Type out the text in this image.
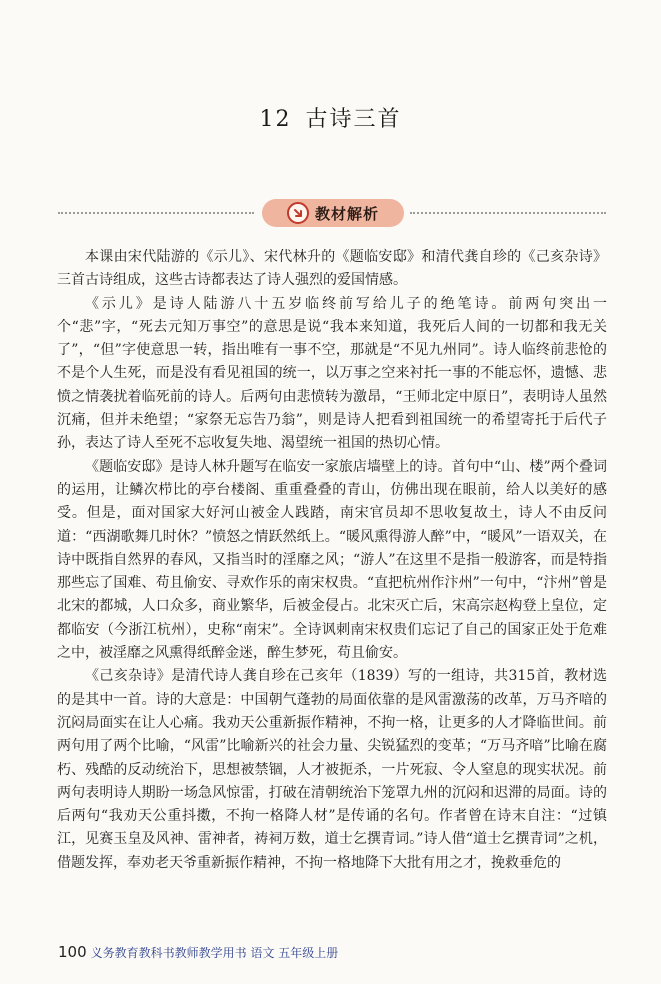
12 古诗三首
教材解析

本课由宋代陆游的《示儿》、宋代林升的《题临安邸》和清代龚自珍的《己亥杂诗》三首古诗组成，这些古诗都表达了诗人强烈的爱国情感。

《示儿》是诗人陆游八十五岁临终前写给儿子的绝笔诗。前两句突出一个“悲”字，“死去元知万事空”的意思是说“我本来知道，我死后人间的一切都和我无关了”，“但”字使意思一转，指出唯有一事不空，那就是“不见九州同”。诗人临终前悲怆的不是个人生死，而是没有看见祖国的统一，以万事之空来衬托一事的不能忘怀，遗憾、悲愤之情袭扰着临死前的诗人。后两句由悲愤转为激昂，“王师北定中原日”，表明诗人虽然沉痛，但并未绝望；“家祭无忘告乃翁”，则是诗人把看到祖国统一的希望寄托于后代子孙，表达了诗人至死不忘收复失地、渴望统一祖国的热切心情。

《题临安邸》是诗人林升题写在临安一家旅店墙壁上的诗。首句中“山、楼”两个叠词的运用，让鳞次栉比的亭台楼阁、重重叠叠的青山，仿佛出现在眼前，给人以美好的感受。但是，面对国家大好河山被金人践踏，南宋官员却不思收复故土，诗人不由反问道：“西湖歌舞几时休？”愤怒之情跃然纸上。“暖风熏得游人醉”中，“暖风”一语双关，在诗中既指自然界的春风，又指当时的淫靡之风；“游人”在这里不是指一般游客，而是特指那些忘了国难、苟且偷安、寻欢作乐的南宋权贵。“直把杭州作汴州”一句中，“汴州”曾是北宋的都城，人口众多，商业繁华，后被金侵占。北宋灭亡后，宋高宗赵构登上皇位，定都临安（今浙江杭州），史称“南宋”。全诗讽刺南宋权贵们忘记了自己的国家正处于危难之中，被淫靡之风熏得纸醉金迷，醉生梦死，苟且偷安。

《己亥杂诗》是清代诗人龚自珍在己亥年（1839）写的一组诗，共315首，教材选的是其中一首。诗的大意是：中国朝气蓬勃的局面依靠的是风雷激荡的改革，万马齐喑的沉闷局面实在让人心痛。我劝天公重新振作精神，不拘一格，让更多的人才降临世间。前两句用了两个比喻，“风雷”比喻新兴的社会力量、尖锐猛烈的变革；“万马齐喑”比喻在腐朽、残酷的反动统治下，思想被禁锢，人才被扼杀，一片死寂、令人窒息的现实状况。前两句表明诗人期盼一场急风惊雷，打破在清朝统治下笼罩九州的沉闷和迟滞的局面。诗的后两句“我劝天公重抖擞，不拘一格降人材”是传诵的名句。作者曾在诗末自注：“过镇江，见赛玉皇及风神、雷神者，祷祠万数，道士乞撰青词。”诗人借“道士乞撰青词”之机，借题发挥，奉劝老天爷重新振作精神，不拘一格地降下大批有用之才，挽救垂危的

100 义务教育教科书教师教学用书 语文 五年级上册
